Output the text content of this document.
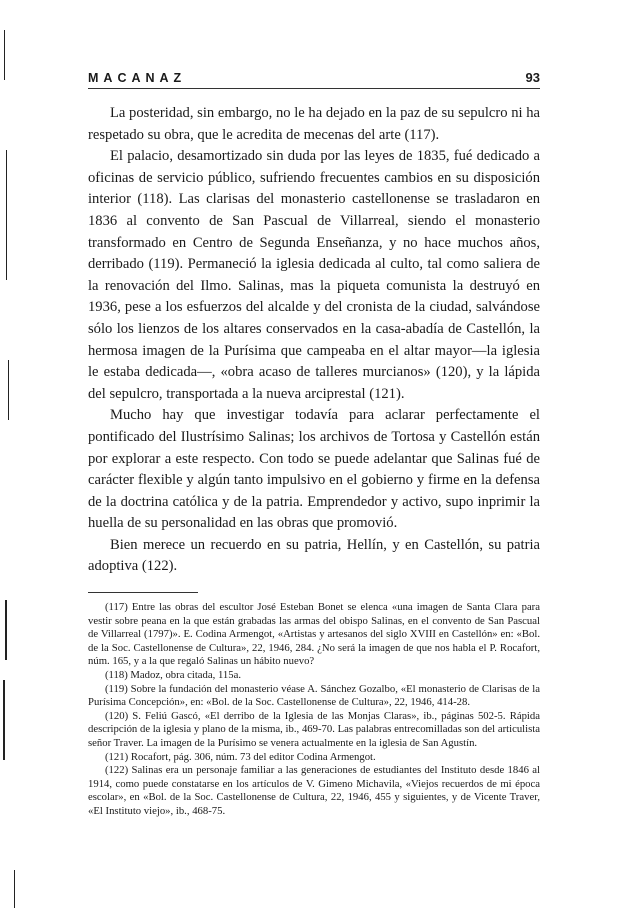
MACANAZ	93

La posteridad, sin embargo, no le ha dejado en la paz de su sepulcro ni ha respetado su obra, que le acredita de mecenas del arte (117).

El palacio, desamortizado sin duda por las leyes de 1835, fué dedicado a oficinas de servicio público, sufriendo frecuentes cambios en su disposición interior (118). Las clarisas del monasterio castellonense se trasladaron en 1836 al convento de San Pascual de Villarreal, siendo el monasterio transformado en Centro de Segunda Enseñanza, y no hace muchos años, derribado (119). Permaneció la iglesia dedicada al culto, tal como saliera de la renovación del Ilmo. Salinas, mas la piqueta comunista la destruyó en 1936, pese a los esfuerzos del alcalde y del cronista de la ciudad, salvándose sólo los lienzos de los altares conservados en la casa-abadía de Castellón, la hermosa imagen de la Purísima que campeaba en el altar mayor—la iglesia le estaba dedicada—, «obra acaso de talleres murcianos» (120), y la lápida del sepulcro, transportada a la nueva arciprestal (121).

Mucho hay que investigar todavía para aclarar perfectamente el pontificado del Ilustrísimo Salinas; los archivos de Tortosa y Castellón están por explorar a este respecto. Con todo se puede adelantar que Salinas fué de carácter flexible y algún tanto impulsivo en el gobierno y firme en la defensa de la doctrina católica y de la patria. Emprendedor y activo, supo inprimir la huella de su personalidad en las obras que promovió.

Bien merece un recuerdo en su patria, Hellín, y en Castellón, su patria adoptiva (122).

(117) Entre las obras del escultor José Esteban Bonet se elenca «una imagen de Santa Clara para vestir sobre peana en la que están grabadas las armas del obispo Salinas, en el convento de San Pascual de Villarreal (1797)». E. Codina Armengot, «Artistas y artesanos del siglo XVIII en Castellón» en: «Bol. de la Soc. Castellonense de Cultura», 22, 1946, 284. ¿No será la imagen de que nos habla el P. Rocafort, núm. 165, y a la que regaló Salinas un hábito nuevo?

(118) Madoz, obra citada, 115a.

(119) Sobre la fundación del monasterio véase A. Sánchez Gozalbo, «El monasterio de Clarisas de la Purísima Concepción», en: «Bol. de la Soc. Castellonense de Cultura», 22, 1946, 414-28.

(120) S. Feliú Gascó, «El derribo de la Iglesia de las Monjas Claras», ib., páginas 502-5. Rápida descripción de la iglesia y plano de la misma, ib., 469-70. Las palabras entrecomilladas son del articulista señor Traver. La imagen de la Purísimo se venera actualmente en la iglesia de San Agustín.

(121) Rocafort, pág. 306, núm. 73 del editor Codina Armengot.

(122) Salinas era un personaje familiar a las generaciones de estudiantes del Instituto desde 1846 al 1914, como puede constatarse en los artículos de V. Gimeno Michavila, «Viejos recuerdos de mi época escolar», en «Bol. de la Soc. Castellonense de Cultura, 22, 1946, 455 y siguientes, y de Vicente Traver, «El Instituto viejo», ib., 468-75.
